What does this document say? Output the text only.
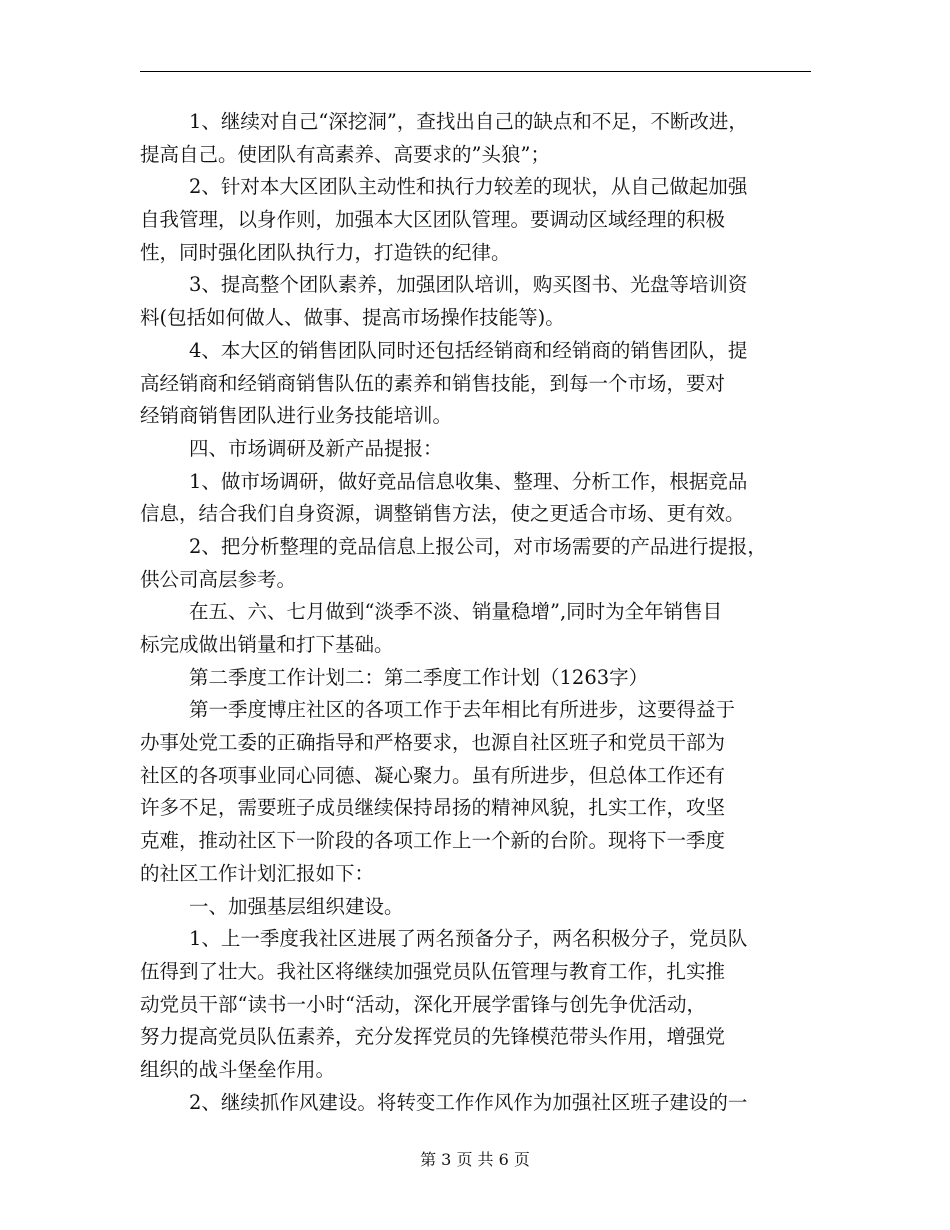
1、继续对自己“深挖洞”，查找出自己的缺点和不足，不断改进，
提高自己。使团队有高素养、高要求的”头狼”；
2、针对本大区团队主动性和执行力较差的现状，从自己做起加强
自我管理，以身作则，加强本大区团队管理。要调动区域经理的积极
性，同时强化团队执行力，打造铁的纪律。
3、提高整个团队素养，加强团队培训，购买图书、光盘等培训资
料(包括如何做人、做事、提高市场操作技能等)。
4、本大区的销售团队同时还包括经销商和经销商的销售团队，提
高经销商和经销商销售队伍的素养和销售技能，到每一个市场，要对
经销商销售团队进行业务技能培训。
四、市场调研及新产品提报：
1、做市场调研，做好竞品信息收集、整理、分析工作，根据竞品
信息，结合我们自身资源，调整销售方法，使之更适合市场、更有效。
2、把分析整理的竞品信息上报公司，对市场需要的产品进行提报，
供公司高层参考。
在五、六、七月做到“淡季不淡、销量稳增”,同时为全年销售目
标完成做出销量和打下基础。
第二季度工作计划二：第二季度工作计划（1263字）
第一季度博庄社区的各项工作于去年相比有所进步，这要得益于
办事处党工委的正确指导和严格要求，也源自社区班子和党员干部为
社区的各项事业同心同德、凝心聚力。虽有所进步，但总体工作还有
许多不足，需要班子成员继续保持昂扬的精神风貌，扎实工作，攻坚
克难，推动社区下一阶段的各项工作上一个新的台阶。现将下一季度
的社区工作计划汇报如下：
一、加强基层组织建设。
1、上一季度我社区进展了两名预备分子，两名积极分子，党员队
伍得到了壮大。我社区将继续加强党员队伍管理与教育工作，扎实推
动党员干部“读书一小时“活动，深化开展学雷锋与创先争优活动，
努力提高党员队伍素养，充分发挥党员的先锋模范带头作用，增强党
组织的战斗堡垒作用。
2、继续抓作风建设。将转变工作作风作为加强社区班子建设的一
第 3 页 共 6 页
